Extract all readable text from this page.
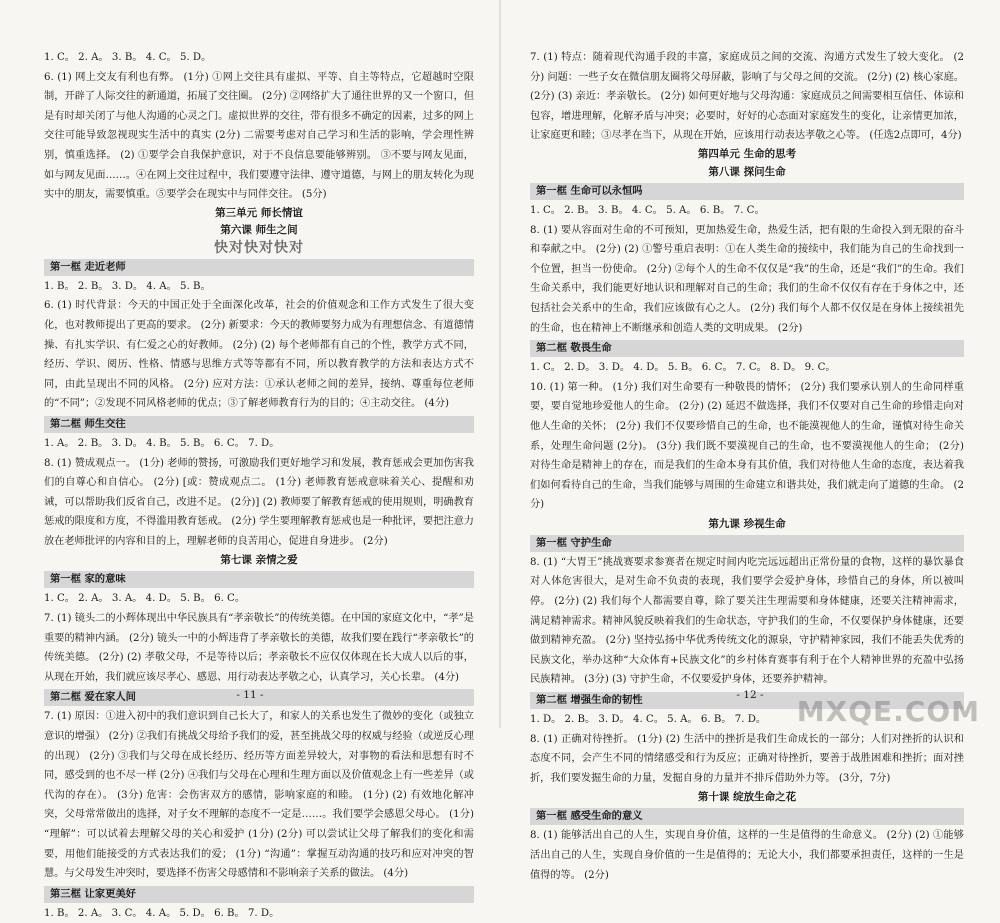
1. C。 2. A。 3. B。 4. C。 5. D。

6. (1) 网上交友有利也有弊。 (1分) ①网上交往具有虚拟、平等、自主等特点，它超越时空限制，开辟了人际交往的新通道，拓展了交往圈。 (2分) ②网络扩大了通往世界的又一个窗口，但是有时却关闭了与他人沟通的心灵之门。虚拟世界的交往，带有很多不确定的因素，过多的网上交往可能导致忽视现实生活中的真实 (2分) 二需要考虑对自己学习和生活的影响，学会理性辨别，慎重选择。 (2) ①要学会自我保护意识，对于不良信息要能够辨别。 ③不要与网友见面，如与网友见面……。④在网上交往过程中，我们要遵守法律、遵守道德，与网上的朋友转化为现实中的朋友，需要慎重。⑤要学会在现实中与同伴交往。 (5分)

第三单元 师长情谊
第六课 师生之间
快对快对快对
第一框 走近老师

1. B。 2. B。 3. D。 4. A。 5. B。

6. (1) 时代背景：今天的中国正处于全面深化改革，社会的价值观念和工作方式发生了很大变化，也对教师提出了更高的要求。 (2分) 新要求：今天的教师要努力成为有理想信念、有道德情操、有扎实学识、有仁爱之心的好教师。 (2分) (2) 每个老师都有自己的个性，教学方式不同，经历、学识、阅历、性格、情感与思维方式等等都有不同，所以教育教学的方法和表达方式不同，由此呈现出不同的风格。 (2分) 应对方法：①承认老师之间的差异，接纳、尊重每位老师的“不同”；②发现不同风格老师的优点；③了解老师教育行为的目的；④主动交往。 (4分)

第二框 师生交往

1. A。 2. B。 3. D。 4. B。 5. B。 6. C。 7. D。

8. (1) 赞成观点一。 (1分) 老师的赞扬，可激励我们更好地学习和发展，教育惩戒会更加伤害我们的自尊心和自信心。 (2分) [或：赞成观点二。 (1分) 老师教育惩戒意味着关心、提醒和劝诫，可以帮助我们反省自己，改进不足。 (2分)] (2) 教师要了解教育惩戒的使用规则，明确教育惩戒的限度和方度，不得滥用教育惩戒。 (2分) 学生要理解教育惩戒也是一种批评，要把注意力放在老师批评的内容和目的上，理解老师的良苦用心，促进自身进步。 (2分)

第七课 亲情之爱
第一框 家的意味

1. C。 2. A。 3. A。 4. D。 5. B。 6. C。

7. (1) 镜头二的小辉体现出中华民族具有“孝亲敬长”的传统美德。在中国的家庭文化中，“孝”是重要的精神内涵。 (2分) 镜头一中的小辉违背了孝亲敬长的美德，故我们要在践行“孝亲敬长”的传统美德。 (2分) (2) 孝敬父母，不是等待以后；孝亲敬长不应仅仅体现在长大成人以后的事，从现在开始，我们就应该尽孝心、感恩、用行动表达孝敬之心，认真学习，关心长辈。 (4分)

第二框 爱在家人间

7. (1) 原因：①进入初中的我们意识到自己长大了，和家人的关系也发生了微妙的变化（或独立意识的增强） (2分) ②我们有挑战父母给予我们的爱，甚至挑战父母的权威与经验（或逆反心理的出现） (2分) ③我们与父母在成长经历、经历等方面差异较大，对事物的看法和思想有时不同，感受到的也不尽一样 (2分) ④我们与父母在心理和生理方面以及价值观念上有一些差异（或代沟的存在）。 (3分) 危害：会伤害双方的感情，影响家庭的和睦。 (1分) (2) 有效地化解冲突，父母常常做出的选择，对子女不理解的态度不一定是……。我们要学会感恩父母心。 (1分) “理解”：可以试着去理解父母的关心和爱护 (1分) (2分) 可以尝试让父母了解我们的变化和需要，用他们能接受的方式表达我们的爱； (1分) “沟通”：掌握互动沟通的技巧和应对冲突的智慧。与父母发生冲突时，要选择不伤害父母感情和不影响亲子关系的做法。 (4分)

第三框 让家更美好

1. B。 2. A。 3. C。 4. A。 5. D。 6. B。 7. D。

- 11 -

7. (1) 特点：随着现代沟通手段的丰富，家庭成员之间的交流、沟通方式发生了较大变化。 (2分) 问题：一些子女在微信朋友圈将父母屏蔽，影响了与父母之间的交流。 (2分) (2) 核心家庭。 (2分) (3) 亲近：孝亲敬长。 (2分) 如何更好地与父母沟通：家庭成员之间需要相互信任、体谅和包容，增进理解，化解矛盾与冲突；必要时，好好的心态面对家庭发生的变化，让亲情更加浓，让家庭更和睦；③尽孝在当下，从现在开始，应该用行动表达孝敬之心等。 (任选2点即可，4分)

第四单元 生命的思考
第八课 探问生命
第一框 生命可以永恒吗

1. C。 2. B。 3. B。 4. C。 5. A。 6. B。 7. C。

8. (1) 要从容面对生命的不可预知，更加热爱生命，热爱生活，把有限的生命投入到无限的奋斗和奉献之中。 (2分) (2) ①警号重启表明：①在人类生命的接续中，我们能为自己的生命找到一个位置，担当一份使命。 (2分) ②每个人的生命不仅仅是“我”的生命，还是“我们”的生命。我们生命关系中，我们能更好地认识和理解对自己的生命；我们的生命不仅仅有存在于身体之中，还包括社会关系中的生命，我们应该做有心之人。 (2分) 我们每个人都不仅仅是在身体上接续祖先的生命，也在精神上不断继承和创造人类的文明成果。 (2分)

第二框 敬畏生命

1. C。 2. D。 3. D。 4. D。 5. B。 6. C。 7. C。 8. D。 9. C。

10. (1) 第一种。 (1分) 我们对生命要有一种敬畏的情怀； (2分) 我们要承认别人的生命同样重要，要自觉地珍爱他人的生命。 (2分) (2) 延迟不做选择，我们不仅要对自己生命的珍惜走向对他人生命的关怀； (2分) 我们不仅要珍惜自己的生命，也不能漠视他人的生命，谨慎对待生命关系，处理生命问题 (2分)。 (3分) 我们既不要漠视自己的生命，也不要漠视他人的生命； (2分) 对待生命是精神上的存在，而是我们的生命本身有其价值，我们对待他人生命的态度，表达着我们如何看待自己的生命，当我们能够与周围的生命建立和谐共处，我们就走向了道德的生命。 (2分)

第九课 珍视生命
第一框 守护生命

8. (1) “大胃王”挑战赛要求参赛者在规定时间内吃完远远超出正常份量的食物，这样的暴饮暴食对人体危害很大，是对生命不负责的表现，我们要学会爱护身体，珍惜自己的身体，所以被叫停。 (2分) (2) 我们每个人都需要自尊，除了要关注生理需要和身体健康，还要关注精神需求，满足精神需求。精神风貌反映着我们的生命状态，守护我们的生命，不仅要保护身体健康，还要做到精神充盈。 (2分) 坚持弘扬中华优秀传统文化的源泉，守护精神家园，我们不能丢失优秀的民族文化，举办这种“大众体育+民族文化”的乡村体育赛事有利于在个人精神世界的充盈中弘扬民族精神。 (3分) (3) 守护生命，不仅要爱护身体，还要养护精神。

第二框 增强生命的韧性

1. D。 2. B。 3. D。 4. C。 5. A。 6. B。 7. D。

8. (1) 正确对待挫折。 (1分) (2) 生活中的挫折是我们生命成长的一部分；人们对挫折的认识和态度不同，会产生不同的情绪感受和行为反应；正确对待挫折，要善于战胜困难和挫折；面对挫折，我们要发掘生命的力量，发掘自身的力量并不排斥借助外力等。 (3分，7分)

第十课 绽放生命之花
第一框 感受生命的意义

8. (1) 能够活出自己的人生，实现自身价值，这样的一生是值得的生命意义。 (2分) (2) ①能够活出自己的人生，实现自身价值的一生是值得的；无论大小，我们都要承担责任，这样的一生是值得的等。 (2分)

- 12 -	MXQE.COM
